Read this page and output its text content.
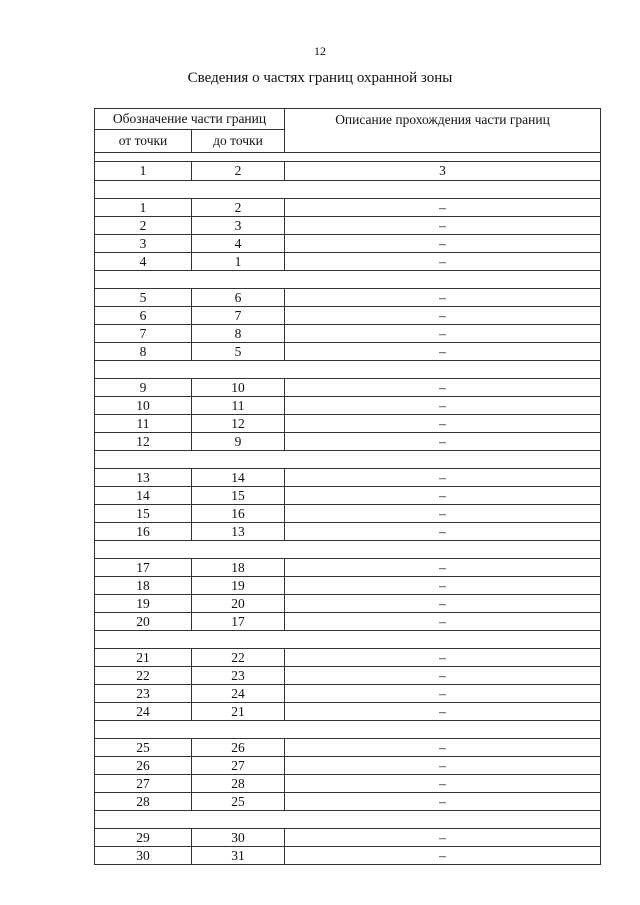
12
Сведения о частях границ охранной зоны
Обозначение части границ		Описание прохождения части границ
от точки	до точки	

1	2	3

1	2	–
2	3	–
3	4	–
4	1	–

5	6	–
6	7	–
7	8	–
8	5	–

9	10	–
10	11	–
11	12	–
12	9	–

13	14	–
14	15	–
15	16	–
16	13	–

17	18	–
18	19	–
19	20	–
20	17	–

21	22	–
22	23	–
23	24	–
24	21	–

25	26	–
26	27	–
27	28	–
28	25	–

29	30	–
30	31	–
